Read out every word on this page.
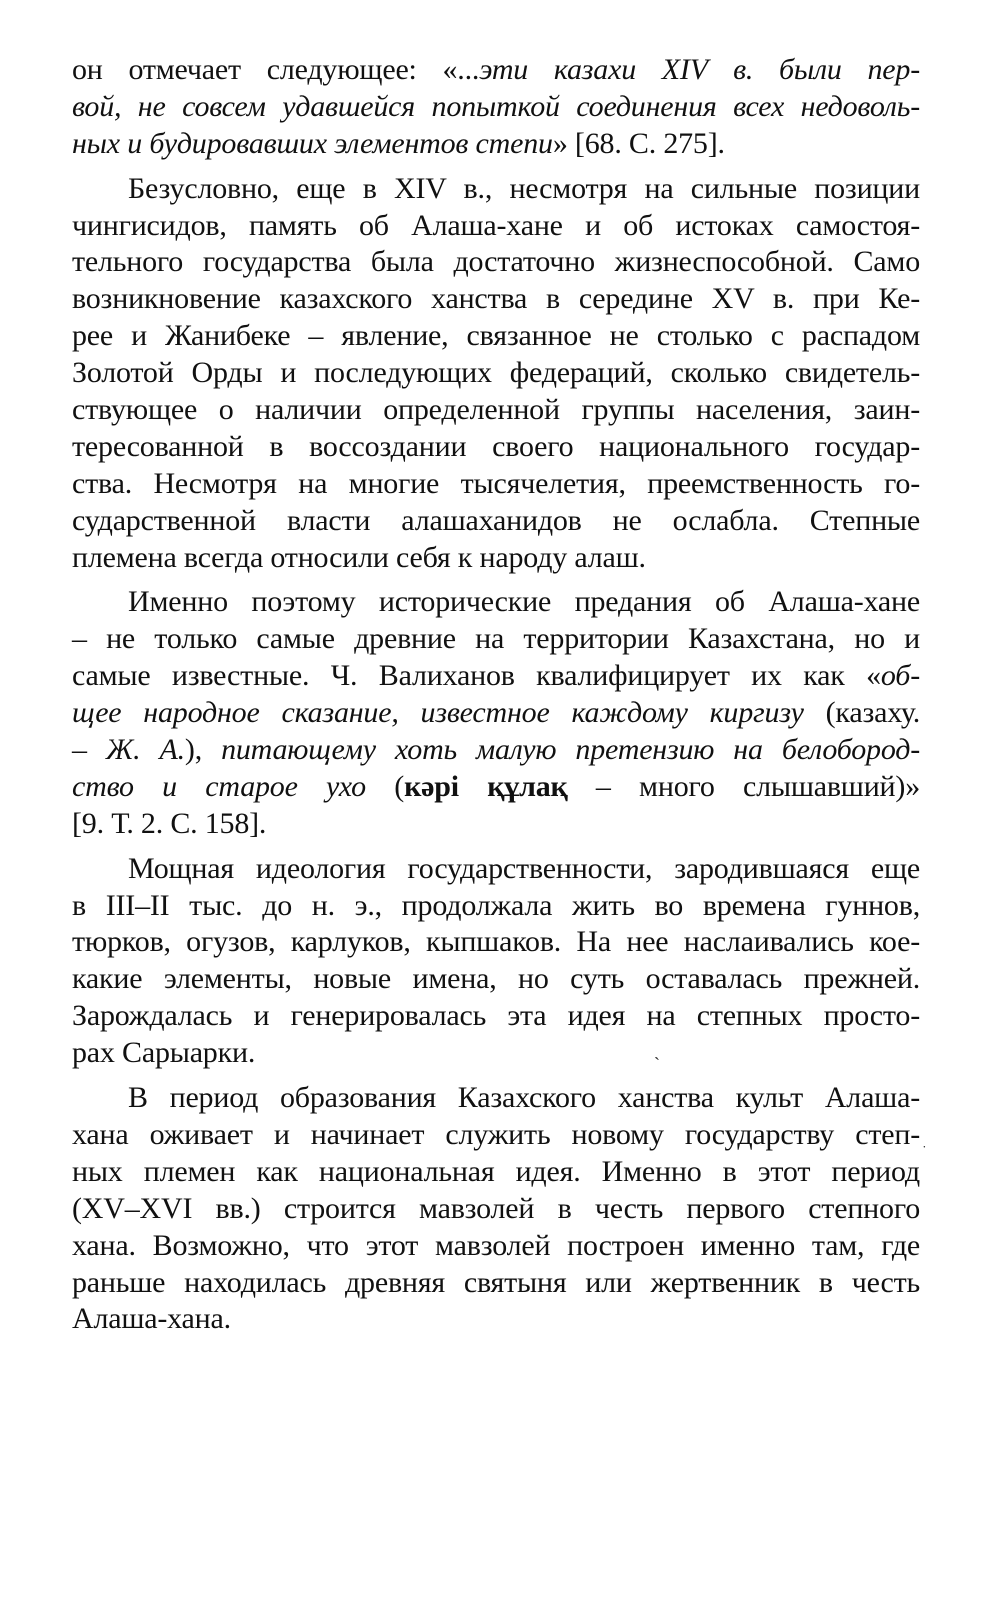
он отмечает следующее: «...эти казахи XIV в. были пер-
вой, не совсем удавшейся попыткой соединения всех недоволь-
ных и будировавших элементов степи» [68. С. 275].
Безусловно, еще в XIV в., несмотря на сильные позиции
чингисидов, память об Алаша-хане и об истоках самостоя-
тельного государства была достаточно жизнеспособной. Само
возникновение казахского ханства в середине XV в. при Ке-
рее и Жанибеке – явление, связанное не столько с распадом
Золотой Орды и последующих федераций, сколько свидетель-
ствующее о наличии определенной группы населения, заин-
тересованной в воссоздании своего национального государ-
ства. Несмотря на многие тысячелетия, преемственность го-
сударственной власти алашаханидов не ослабла. Степные
племена всегда относили себя к народу алаш.
Именно поэтому исторические предания об Алаша-хане
– не только самые древние на территории Казахстана, но и
самые известные. Ч. Валиханов квалифицирует их как «об-
щее народное сказание, известное каждому киргизу (казаху.
– Ж. А.), питающему хоть малую претензию на белобород-
ство и старое ухо (кәрі құлақ – много слышавший)»
[9. Т. 2. С. 158].
Мощная идеология государственности, зародившаяся еще
в III–II тыс. до н. э., продолжала жить во времена гуннов,
тюрков, огузов, карлуков, кыпшаков. На нее наслаивались кое-
какие элементы, новые имена, но суть оставалась прежней.
Зарождалась и генерировалась эта идея на степных просто-
рах Сарыарки.
В период образования Казахского ханства культ Алаша-
хана оживает и начинает служить новому государству степ-
ных племен как национальная идея. Именно в этот период
(XV–XVI вв.) строится мавзолей в честь первого степного
хана. Возможно, что этот мавзолей построен именно там, где
раньше находилась древняя святыня или жертвенник в честь
Алаша-хана.
ˎ
˙
